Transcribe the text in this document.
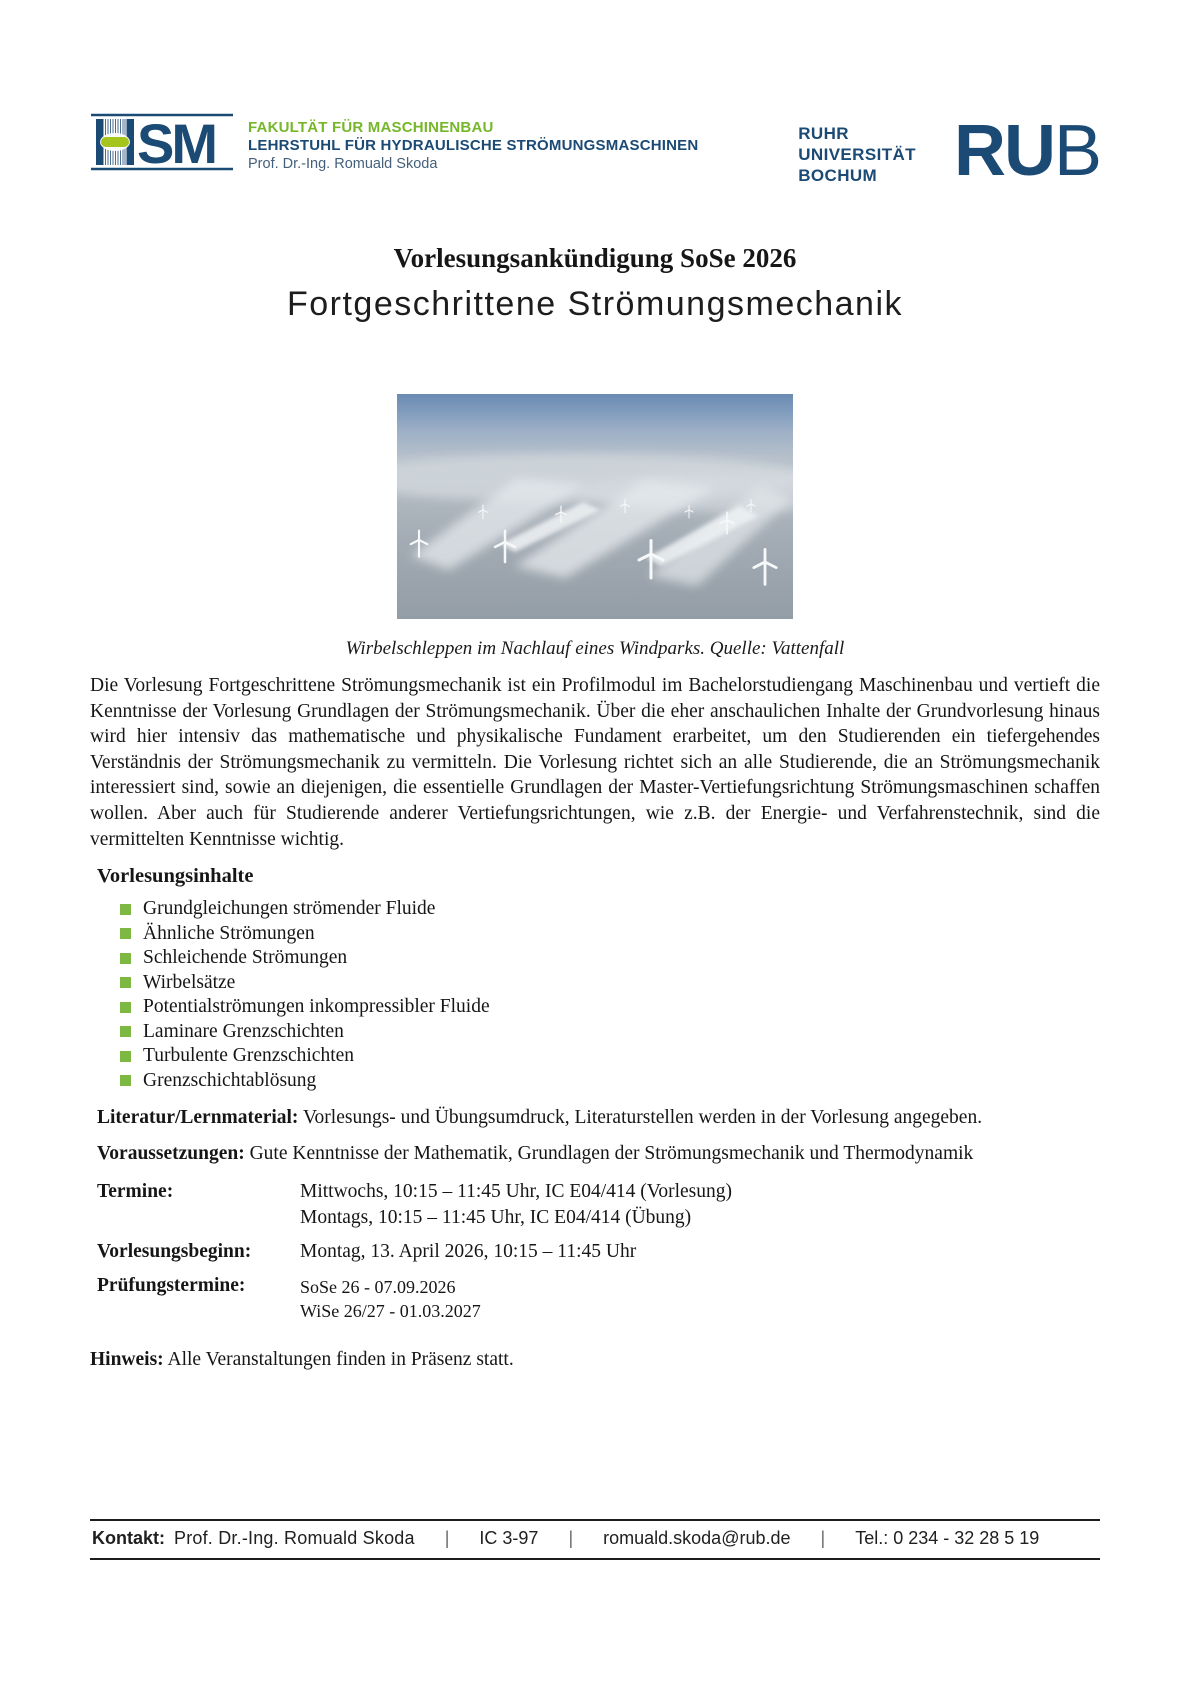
SM FAKULTÄT FÜR MASCHINENBAU
LEHRSTUHL FÜR HYDRAULISCHE STRÖMUNGSMASCHINEN
Prof. Dr.-Ing. Romuald Skoda
RUHR
UNIVERSITÄT
BOCHUM	RUB
Vorlesungsankündigung SoSe 2026
Fortgeschrittene Strömungsmechanik
Wirbelschleppen im Nachlauf eines Windparks. Quelle: Vattenfall
Die Vorlesung Fortgeschrittene Strömungsmechanik ist ein Profilmodul im Bachelorstudiengang Maschinenbau und vertieft die Kenntnisse der Vorlesung Grundlagen der Strömungsmechanik. Über die eher anschaulichen Inhalte der Grundvorlesung hinaus wird hier intensiv das mathematische und physikalische Fundament erarbeitet, um den Studierenden ein tiefergehendes Verständnis der Strömungsmechanik zu vermitteln. Die Vorlesung richtet sich an alle Studierende, die an Strömungsmechanik interessiert sind, sowie an diejenigen, die essentielle Grundlagen der Master-Vertiefungsrichtung Strömungsmaschinen schaffen wollen. Aber auch für Studierende anderer Vertiefungsrichtungen, wie z.B. der Energie- und Verfahrenstechnik, sind die vermittelten Kenntnisse wichtig.
Vorlesungsinhalte
Grundgleichungen strömender Fluide
Ähnliche Strömungen
Schleichende Strömungen
Wirbelsätze
Potentialströmungen inkompressibler Fluide
Laminare Grenzschichten
Turbulente Grenzschichten
Grenzschichtablösung
Literatur/Lernmaterial: Vorlesungs- und Übungsumdruck, Literaturstellen werden in der Vorlesung angegeben.
Voraussetzungen: Gute Kenntnisse der Mathematik, Grundlagen der Strömungsmechanik und Thermodynamik
Termine:	Mittwochs, 10:15 – 11:45 Uhr, IC E04/414 (Vorlesung)
Montags, 10:15 – 11:45 Uhr, IC E04/414 (Übung)
Vorlesungsbeginn:	Montag, 13. April 2026, 10:15 – 11:45 Uhr
Prüfungstermine:	SoSe 26 - 07.09.2026
WiSe 26/27 - 01.03.2027
Hinweis: Alle Veranstaltungen finden in Präsenz statt.
Kontakt: Prof. Dr.-Ing. Romuald Skoda | IC 3-97 | romuald.skoda@rub.de | Tel.: 0 234 - 32 28 5 19
